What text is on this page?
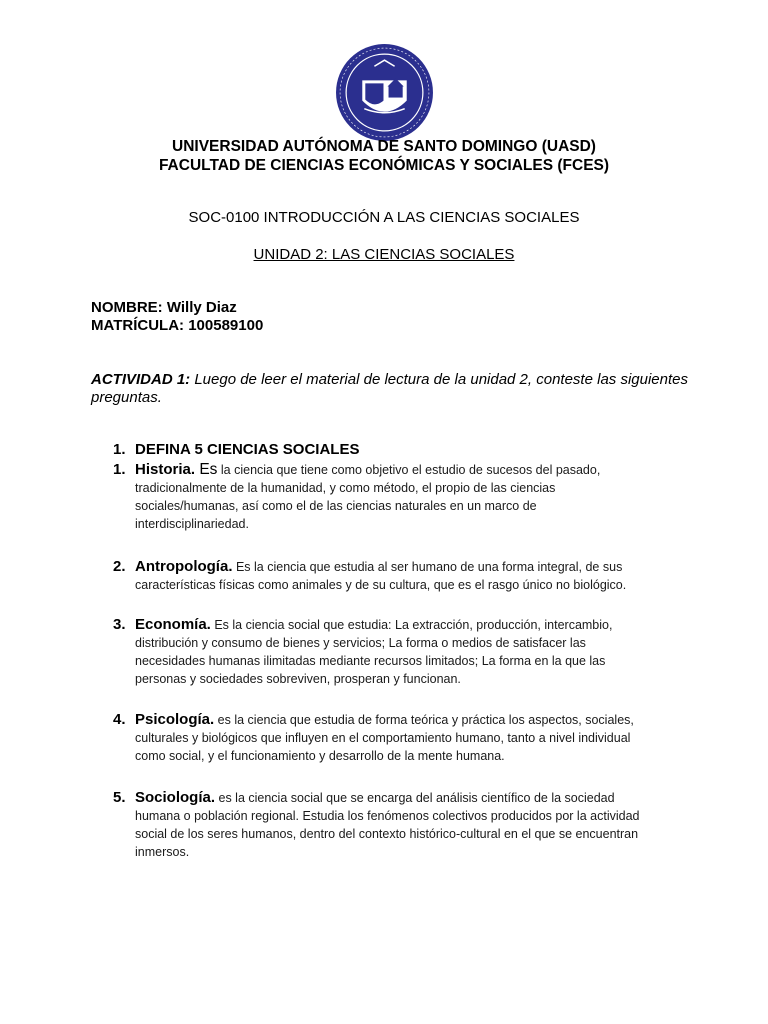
UNIVERSIDAD AUTÓNOMA DE SANTO DOMINGO (UASD)
FACULTAD DE CIENCIAS ECONÓMICAS Y SOCIALES (FCES)
SOC-0100 INTRODUCCIÓN A LAS CIENCIAS SOCIALES
UNIDAD 2: LAS CIENCIAS SOCIALES
NOMBRE: Willy Diaz
MATRÍCULA: 100589100
ACTIVIDAD 1: Luego de leer el material de lectura de la unidad 2, conteste las siguientes preguntas.
1. DEFINA 5 CIENCIAS SOCIALES
1. Historia. Es la ciencia que tiene como objetivo el estudio de sucesos del pasado, tradicionalmente de la humanidad, y como método, el propio de las ciencias sociales/humanas, así como el de las ciencias naturales en un marco de interdisciplinariedad.
2. Antropología. Es la ciencia que estudia al ser humano de una forma integral, de sus características físicas como animales y de su cultura, que es el rasgo único no biológico.
3. Economía. Es la ciencia social que estudia: La extracción, producción, intercambio, distribución y consumo de bienes y servicios; La forma o medios de satisfacer las necesidades humanas ilimitadas mediante recursos limitados; La forma en la que las personas y sociedades sobreviven, prosperan y funcionan.
4. Psicología. es la ciencia que estudia de forma teórica y práctica los aspectos, sociales, culturales y biológicos que influyen en el comportamiento humano, tanto a nivel individual como social, y el funcionamiento y desarrollo de la mente humana.
5. Sociología. es la ciencia social que se encarga del análisis científico de la sociedad humana o población regional. Estudia los fenómenos colectivos producidos por la actividad social de los seres humanos, dentro del contexto histórico-cultural en el que se encuentran inmersos.
